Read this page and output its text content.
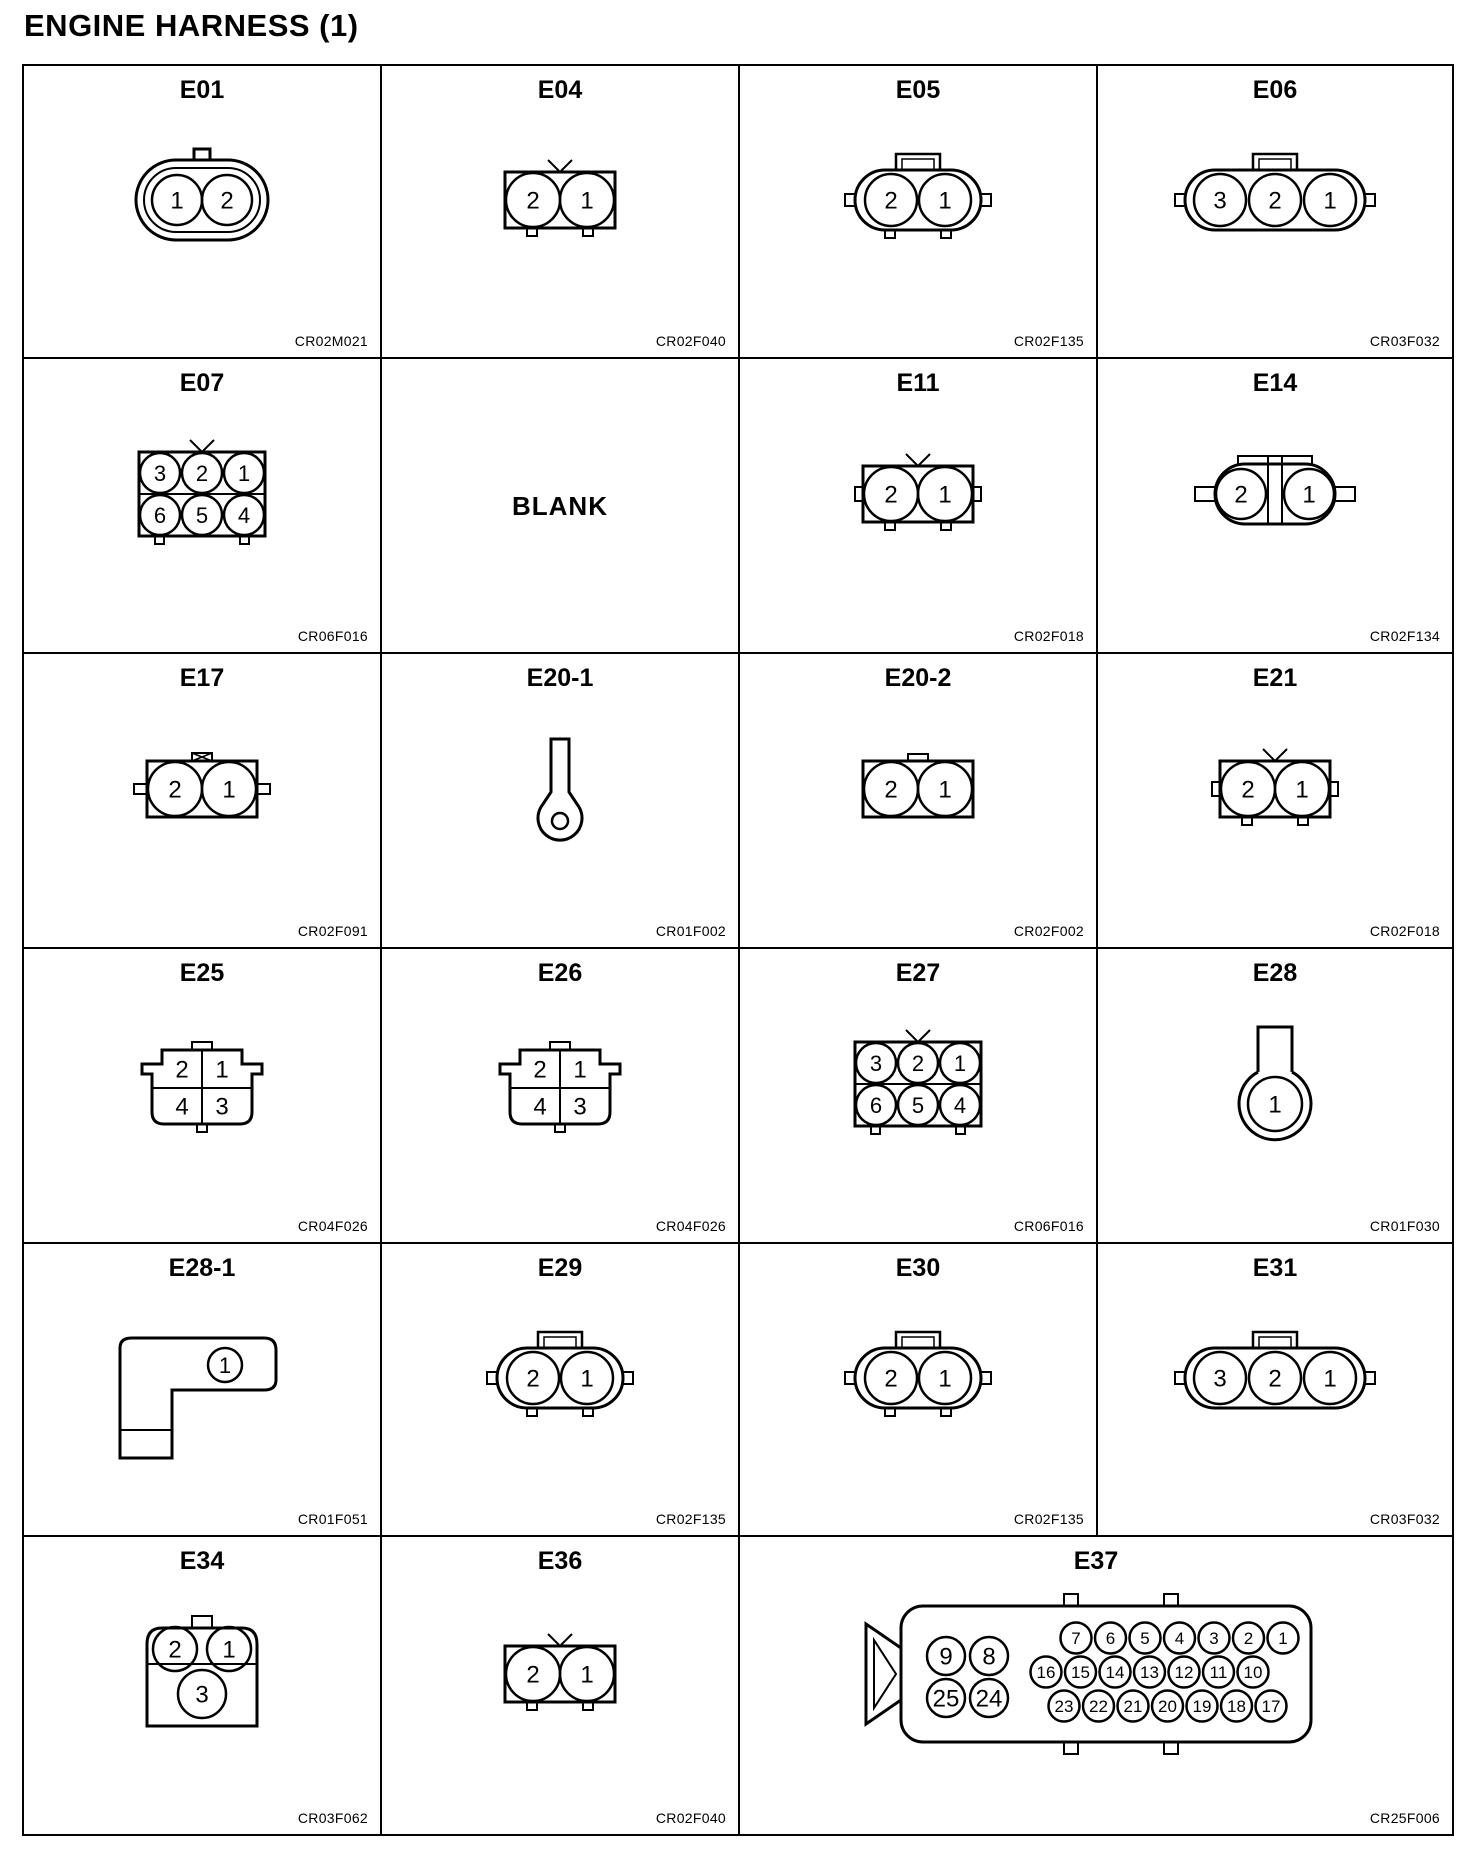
ENGINE HARNESS (1)
E01
CR02M021
1 2
E04
CR02F040
2 1
E05
CR02F135
2 1
E06
CR03F032
3 2 1
E07
CR06F016
3 2 1
6 5 4	BLANK
E11
CR02F018
2 1
E14
CR02F134
2 1
E17
CR02F091
2 1
E20-1
CR01F002
E20-2
CR02F002
2 1
E21
CR02F018
2 1
E25
CR04F026
2 1
4 3
E26
CR04F026
2 1
4 3
E27
CR06F016
3 2 1
6 5 4
E28
CR01F030
1
E28-1
CR01F051
1
E29
CR02F135
2 1
E30
CR02F135
2 1
E31
CR03F032
3 2 1
E34
CR03F062
2 1
3
E36
CR02F040
2 1
E37
CR25F006
9 8
25 24
7 6 5 4 3 2 1
16 15 14 13 12 11 10
23 22 21 20 19 18 17
